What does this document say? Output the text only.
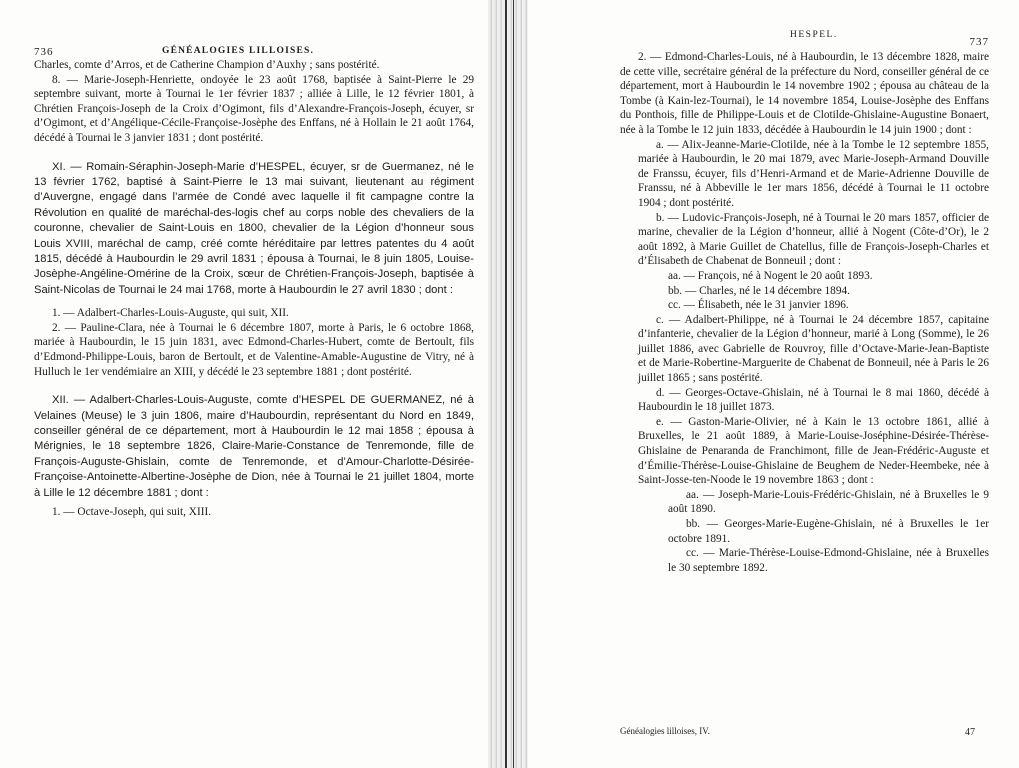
736	GÉNÉALOGIES LILLOISES.

Charles, comte d’Arros, et de Catherine Champion d’Auxhy ; sans postérité.

8. — Marie-Joseph-Henriette, ondoyée le 23 août 1768, baptisée à Saint-Pierre le 29 septembre suivant, morte à Tournai le 1er février 1837 ; alliée à Lille, le 12 février 1801, à Chrétien François-Joseph de la Croix d’Ogimont, fils d’Alexandre-François-Joseph, écuyer, sr d’Ogimont, et d’Angélique-Cécile-Françoise-Josèphe des Enffans, né à Hollain le 21 août 1764, décédé à Tournai le 3 janvier 1831 ; dont postérité.

XI. — Romain-Séraphin-Joseph-Marie d’HESPEL, écuyer, sr de Guermanez, né le 13 février 1762, baptisé à Saint-Pierre le 13 mai suivant, lieutenant au régiment d’Auvergne, engagé dans l’armée de Condé avec laquelle il fit campagne contre la Révolution en qualité de maréchal-des-logis chef au corps noble des chevaliers de la couronne, chevalier de Saint-Louis en 1800, chevalier de la Légion d’honneur sous Louis XVIII, maréchal de camp, créé comte héréditaire par lettres patentes du 4 août 1815, décédé à Haubourdin le 29 avril 1831 ; épousa à Tournai, le 8 juin 1805, Louise-Josèphe-Angéline-Omérine de la Croix, sœur de Chrétien-François-Joseph, baptisée à Saint-Nicolas de Tournai le 24 mai 1768, morte à Haubourdin le 27 avril 1830 ; dont :

1. — Adalbert-Charles-Louis-Auguste, qui suit, XII.

2. — Pauline-Clara, née à Tournai le 6 décembre 1807, morte à Paris, le 6 octobre 1868, mariée à Haubourdin, le 15 juin 1831, avec Edmond-Charles-Hubert, comte de Bertoult, fils d’Edmond-Philippe-Louis, baron de Bertoult, et de Valentine-Amable-Augustine de Vitry, né à Hulluch le 1er vendémiaire an XIII, y décédé le 23 septembre 1881 ; dont postérité.

XII. — Adalbert-Charles-Louis-Auguste, comte d’HESPEL DE GUERMANEZ, né à Velaines (Meuse) le 3 juin 1806, maire d’Haubourdin, représentant du Nord en 1849, conseiller général de ce département, mort à Haubourdin le 12 mai 1858 ; épousa à Mérignies, le 18 septembre 1826, Claire-Marie-Constance de Tenremonde, fille de François-Auguste-Ghislain, comte de Tenremonde, et d’Amour-Charlotte-Désirée-Françoise-Antoinette-Albertine-Josèphe de Dion, née à Tournai le 21 juillet 1804, morte à Lille le 12 décembre 1881 ; dont :

1. — Octave-Joseph, qui suit, XIII.

HESPEL.
737

2. — Edmond-Charles-Louis, né à Haubourdin, le 13 décembre 1828, maire de cette ville, secrétaire général de la préfecture du Nord, conseiller général de ce département, mort à Haubourdin le 14 novembre 1902 ; épousa au château de la Tombe (à Kain-lez-Tournai), le 14 novembre 1854, Louise-Josèphe des Enffans du Ponthois, fille de Philippe-Louis et de Clotilde-Ghislaine-Augustine Bonaert, née à la Tombe le 12 juin 1833, décédée à Haubourdin le 14 juin 1900 ; dont :

a. — Alix-Jeanne-Marie-Clotilde, née à la Tombe le 12 septembre 1855, mariée à Haubourdin, le 20 mai 1879, avec Marie-Joseph-Armand Douville de Franssu, écuyer, fils d’Henri-Armand et de Marie-Adrienne Douville de Franssu, né à Abbeville le 1er mars 1856, décédé à Tournai le 11 octobre 1904 ; dont postérité.

b. — Ludovic-François-Joseph, né à Tournai le 20 mars 1857, officier de marine, chevalier de la Légion d’honneur, allié à Nogent (Côte-d’Or), le 2 août 1892, à Marie Guillet de Chatellus, fille de François-Joseph-Charles et d’Élisabeth de Chabenat de Bonneuil ; dont :

aa. — François, né à Nogent le 20 août 1893.

bb. — Charles, né le 14 décembre 1894.

cc. — Élisabeth, née le 31 janvier 1896.

c. — Adalbert-Philippe, né à Tournai le 24 décembre 1857, capitaine d’infanterie, chevalier de la Légion d’honneur, marié à Long (Somme), le 26 juillet 1886, avec Gabrielle de Rouvroy, fille d’Octave-Marie-Jean-Baptiste et de Marie-Robertine-Marguerite de Chabenat de Bonneuil, née à Paris le 26 juillet 1865 ; sans postérité.

d. — Georges-Octave-Ghislain, né à Tournai le 8 mai 1860, décédé à Haubourdin le 18 juillet 1873.

e. — Gaston-Marie-Olivier, né à Kain le 13 octobre 1861, allié à Bruxelles, le 21 août 1889, à Marie-Louise-Joséphine-Désirée-Thérèse-Ghislaine de Penaranda de Franchimont, fille de Jean-Frédéric-Auguste et d’Émilie-Thérèse-Louise-Ghislaine de Beughem de Neder-Heembeke, née à Saint-Josse-ten-Noode le 19 novembre 1863 ; dont :

aa. — Joseph-Marie-Louis-Frédéric-Ghislain, né à Bruxelles le 9 août 1890.

bb. — Georges-Marie-Eugène-Ghislain, né à Bruxelles le 1er octobre 1891.

cc. — Marie-Thérèse-Louise-Edmond-Ghislaine, née à Bruxelles le 30 septembre 1892.

Généalogies lilloises, IV.	47
